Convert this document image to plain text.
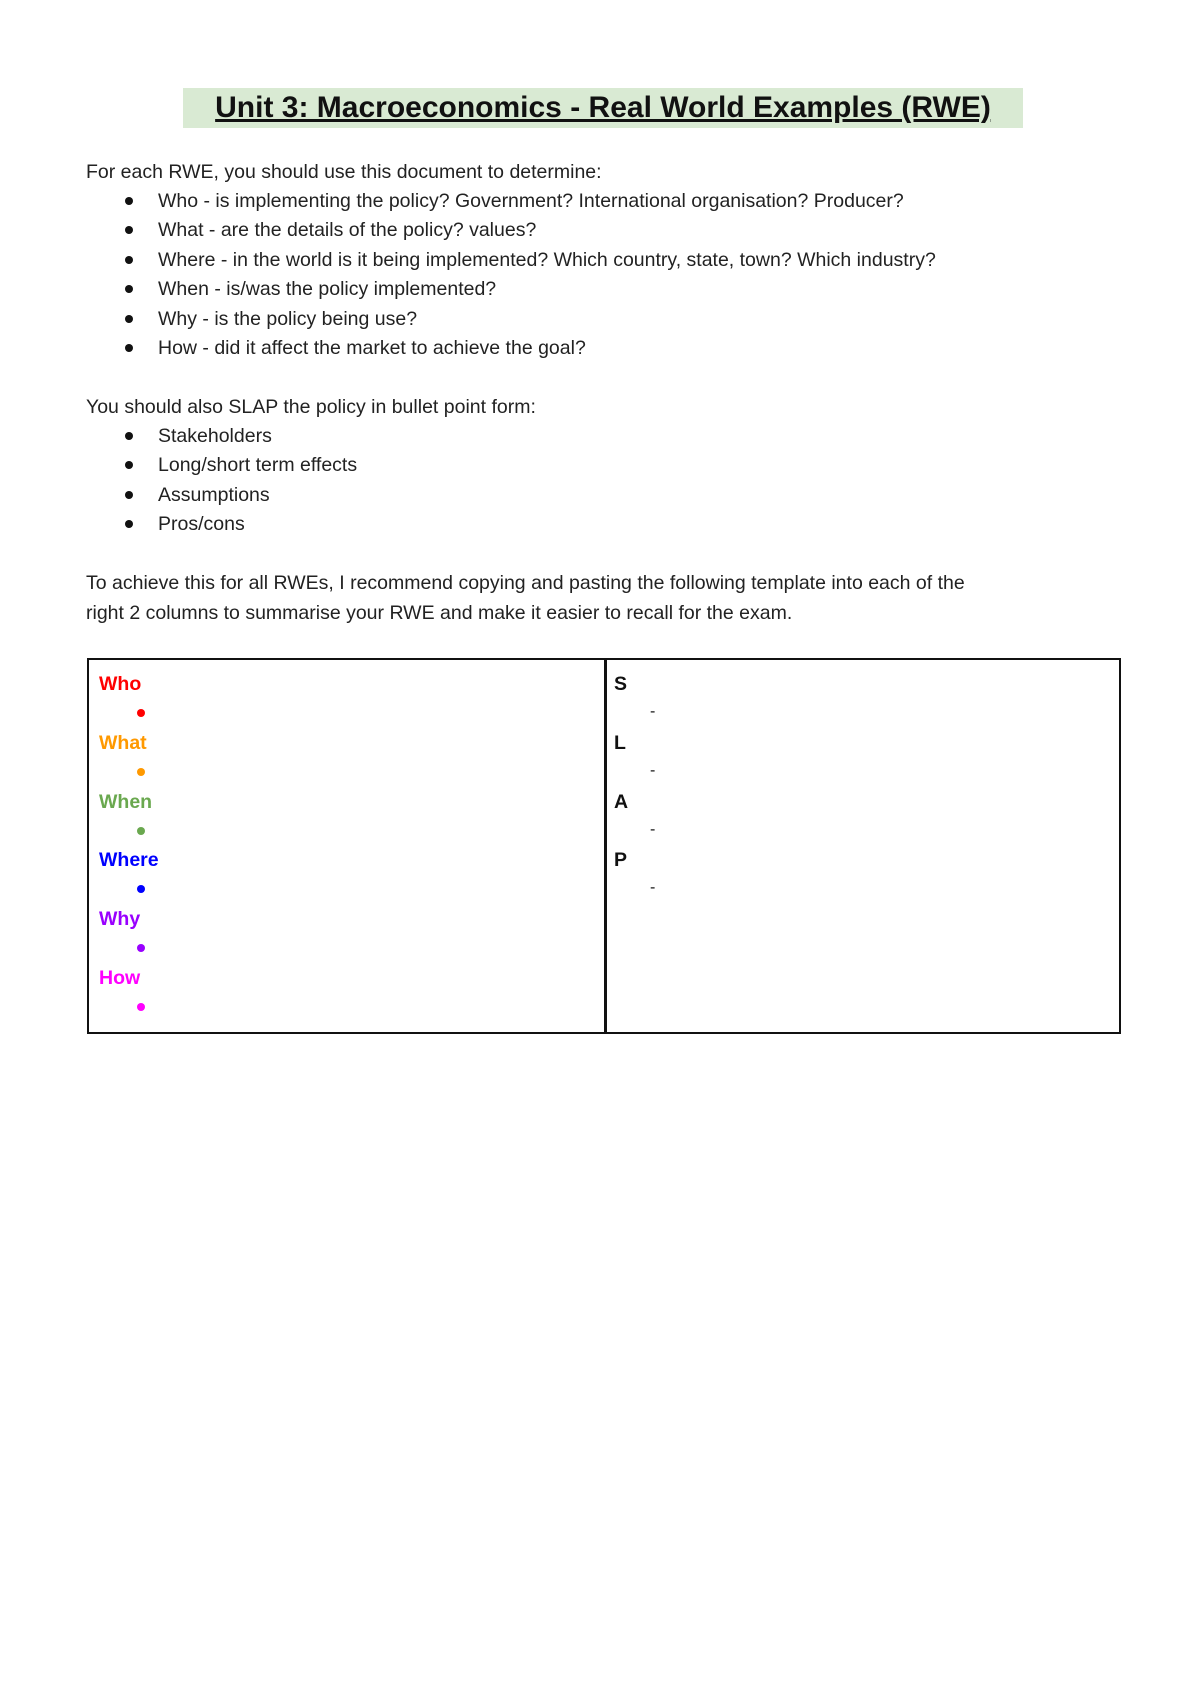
Unit 3: Macroeconomics - Real World Examples (RWE)
For each RWE, you should use this document to determine:
Who - is implementing the policy? Government? International organisation? Producer?
What - are the details of the policy? values?
Where - in the world is it being implemented? Which country, state, town? Which industry?
When - is/was the policy implemented?
Why - is the policy being use?
How - did it affect the market to achieve the goal?
You should also SLAP the policy in bullet point form:
Stakeholders
Long/short term effects
Assumptions
Pros/cons
To achieve this for all RWEs, I recommend copying and pasting the following template into each of the
right 2 columns to summarise your RWE and make it easier to recall for the exam.
Who
What
When
Where
Why
How
S
-
L
-
A
-
P
-
